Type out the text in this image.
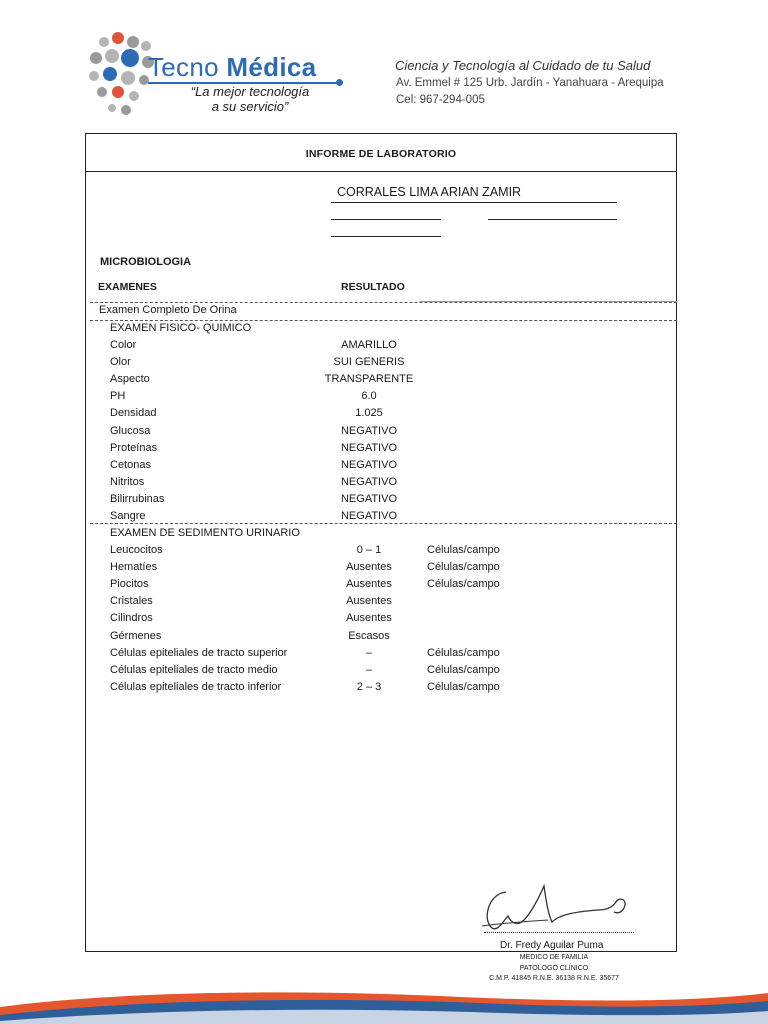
Tecno Médica
“La mejor tecnología
a su servicio”
Ciencia y Tecnología al Cuidado de tu Salud
Av. Emmel # 125 Urb. Jardín - Yanahuara - Arequipa
Cel: 967-294-005
INFORME DE LABORATORIO
CORRALES LIMA ARIAN ZAMIR
MICROBIOLOGIA
EXAMENES	RESULTADO
Examen Completo De Orina
EXAMEN FISICO- QUIMICO
Color	AMARILLO
Olor	SUI GENERIS
Aspecto	TRANSPARENTE
PH	6.0
Densidad	1.025
Glucosa	NEGATIVO
Proteínas	NEGATIVO
Cetonas	NEGATIVO
Nitritos	NEGATIVO
Bilirrubinas	NEGATIVO
Sangre	NEGATIVO
EXAMEN DE SEDIMENTO URINARIO
Leucocitos	0 – 1	Células/campo
Hematíes	Ausentes	Células/campo
Piocitos	Ausentes	Células/campo
Cristales	Ausentes
Cilindros	Ausentes
Gérmenes	Escasos
Células epiteliales de tracto superior	–	Células/campo
Células epiteliales de tracto medio	–	Células/campo
Células epiteliales de tracto inferior	2 – 3	Células/campo
Dr. Fredy Aguilar Puma
MEDICO DE FAMILIA
PATOLOGO CLÍNICO
C.M.P. 41845 R.N.E. 36138 R.N.E. 35677
